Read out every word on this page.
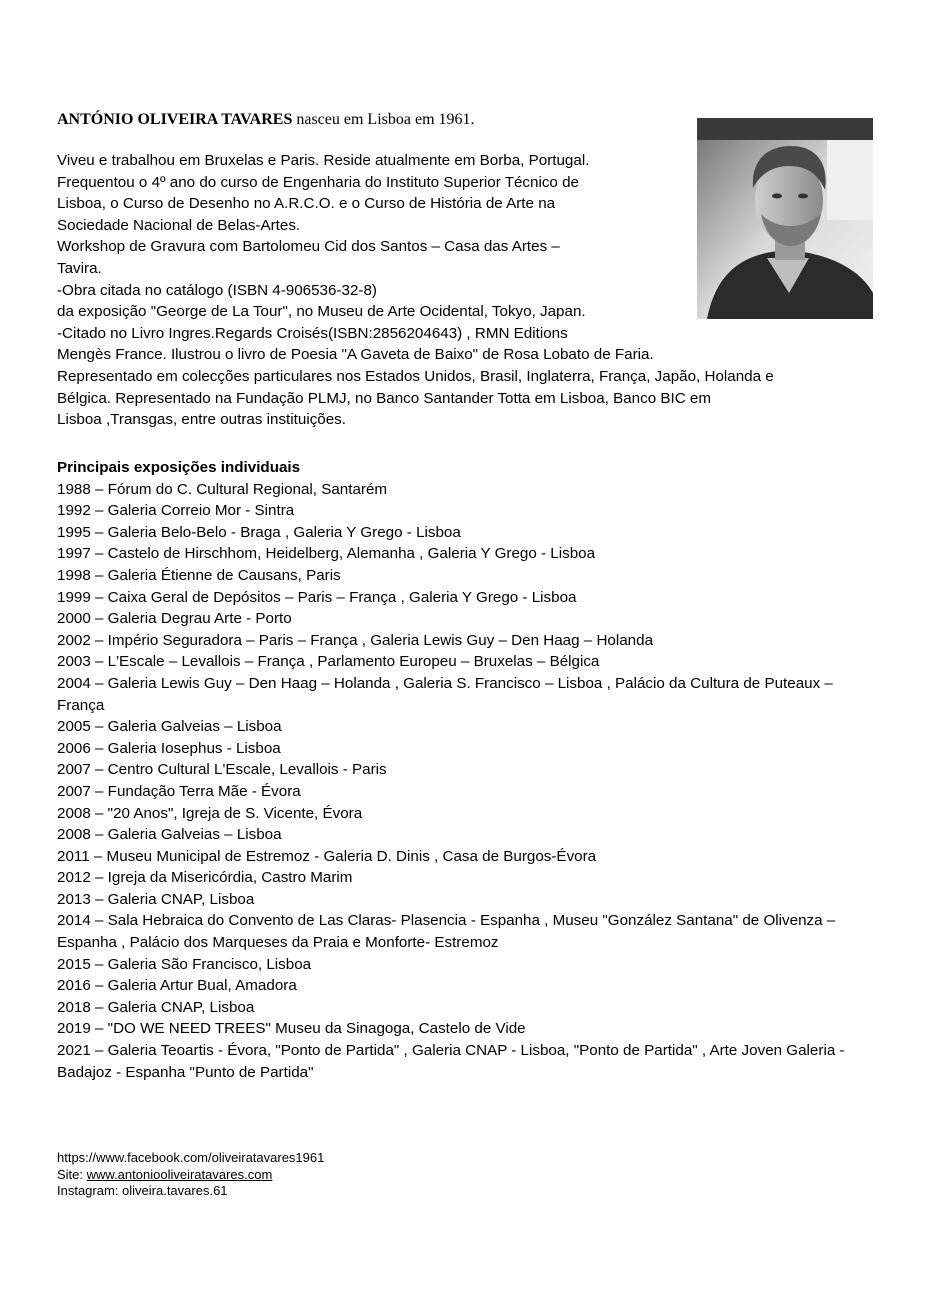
ANTÓNIO OLIVEIRA TAVARES nasceu em Lisboa em 1961.
Viveu e trabalhou em Bruxelas e Paris. Reside atualmente em Borba, Portugal.
Frequentou o 4º ano do curso de Engenharia do Instituto Superior Técnico de
Lisboa, o Curso de Desenho no A.R.C.O. e o Curso de História de Arte na
Sociedade Nacional de Belas-Artes.
Workshop de Gravura com Bartolomeu Cid dos Santos – Casa das Artes –
Tavira.
-Obra citada no catálogo (ISBN 4-906536-32-8)
da exposição "George de La Tour", no Museu de Arte Ocidental, Tokyo, Japan.
-Citado no Livro Ingres.Regards Croisés(ISBN:2856204643) , RMN Editions
Mengès France. Ilustrou o livro de Poesia "A Gaveta de Baixo" de Rosa Lobato de Faria.
Representado em colecções particulares nos Estados Unidos, Brasil, Inglaterra, França, Japão, Holanda e
Bélgica. Representado na Fundação PLMJ, no Banco Santander Totta em Lisboa, Banco BIC em
Lisboa ,Transgas, entre outras instituições.
Principais exposições individuais
1988 – Fórum do C. Cultural Regional, Santarém
1992 – Galeria Correio Mor - Sintra
1995 – Galeria Belo-Belo - Braga , Galeria Y Grego - Lisboa
1997 – Castelo de Hirschhom, Heidelberg, Alemanha , Galeria Y Grego - Lisboa
1998 – Galeria Étienne de Causans, Paris
1999 – Caixa Geral de Depósitos – Paris – França , Galeria Y Grego - Lisboa
2000 – Galeria Degrau Arte - Porto
2002 – Império Seguradora – Paris – França , Galeria Lewis Guy – Den Haag – Holanda
2003 – L'Escale – Levallois – França , Parlamento Europeu – Bruxelas – Bélgica
2004 – Galeria Lewis Guy – Den Haag – Holanda , Galeria S. Francisco – Lisboa , Palácio da Cultura de Puteaux – França
2005 – Galeria Galveias – Lisboa
2006 – Galeria Iosephus - Lisboa
2007 – Centro Cultural L'Escale, Levallois - Paris
2007 – Fundação Terra Mãe - Évora
2008 – "20 Anos", Igreja de S. Vicente, Évora
2008 – Galeria Galveias – Lisboa
2011 – Museu Municipal de Estremoz - Galeria D. Dinis , Casa de Burgos-Évora
2012 – Igreja da Misericórdia, Castro Marim
2013 – Galeria CNAP, Lisboa
2014 – Sala Hebraica do Convento de Las Claras- Plasencia - Espanha , Museu "González Santana" de Olivenza – Espanha , Palácio dos Marqueses da Praia e Monforte- Estremoz
2015 – Galeria São Francisco, Lisboa
2016 – Galeria Artur Bual, Amadora
2018 – Galeria CNAP, Lisboa
2019 – "DO WE NEED TREES" Museu da Sinagoga, Castelo de Vide
2021 – Galeria Teoartis - Évora, "Ponto de Partida" , Galeria CNAP - Lisboa, "Ponto de Partida" , Arte Joven Galeria - Badajoz - Espanha "Punto de Partida"
https://www.facebook.com/oliveiratavares1961
Site: www.antoniooliveiratavares.com
Instagram: oliveira.tavares.61
